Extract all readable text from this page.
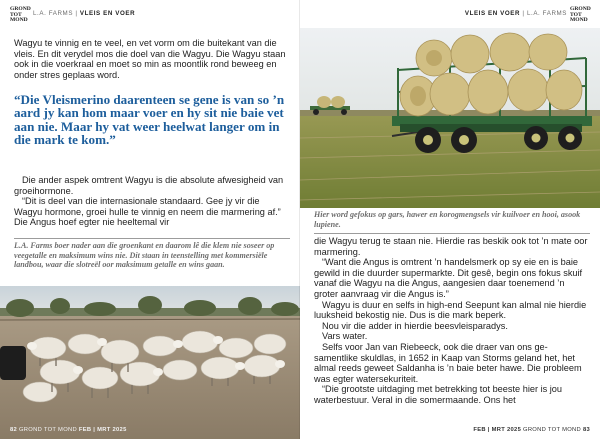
GROND
TOT
MOND
L.A. FARMS | VLEIS EN VOER

Wagyu te vinnig en te veel, en vet vorm om die buitekant van die vleis. En dit verydel mos die doel van die Wagyu. Die Wagyu staan ook in die voerkraal en moet so min as moontlik rond beweeg en onder stres geplaas word.

“Die Vleismerino daarenteen se gene is van so ’n aard jy kan hom maar voer en hy sit nie baie vet aan nie. Maar hy vat weer heelwat langer om in die mark te kom.”

Die ander aspek omtrent Wagyu is die absolute afwesigheid van groeihormone.

“Dit is deel van die internasionale standaard. Gee jy vir die Wagyu hormone, groei hulle te vinnig en neem die marmering af.” Die Angus hoef egter nie heeltemal vir

L.A. Farms boer nader aan die groenkant en daarom lê die klem nie soseer op veegetalle en maksimum wins nie. Dit staan in teenstelling met kommersiële landbou, waar die slotreël oor maksimum getalle en wins gaan.
82 GROND TOT MOND FEB | MRT 2025
VLEIS EN VOER | L.A. FARMS
GROND
TOT
MOND
Hier word gefokus op gars, hawer en korogmengsels vir kuilvoer en hooi, asook lupiene.

die Wagyu terug te staan nie. Hierdie ras beskik ook tot ’n mate oor marmering.

“Want die Angus is omtrent ’n handelsmerk op sy eie en is baie gewild in die duurder supermarkte. Dit gesê, begin ons fokus skuif vanaf die Wagyu na die Angus, aangesien daar toenemend ’n groter aanvraag vir die Angus is.”

Wagyu is duur en selfs in high-end Seepunt kan almal nie hierdie luuksheid bekostig nie. Dus is die mark beperk.

Nou vir die adder in hierdie beesvleisparadys.

Vars water.

Selfs voor Jan van Riebeeck, ook die draer van ons ge-samentlike skuldlas, in 1652 in Kaap van Storms geland het, het almal reeds geweet Saldanha is ’n baie beter hawe. Die probleem was egter watersekuriteit.

“Die grootste uitdaging met betrekking tot beeste hier is jou waterbestuur. Veral in die somermaande. Ons het

FEB | MRT 2025 GROND TOT MOND 83
